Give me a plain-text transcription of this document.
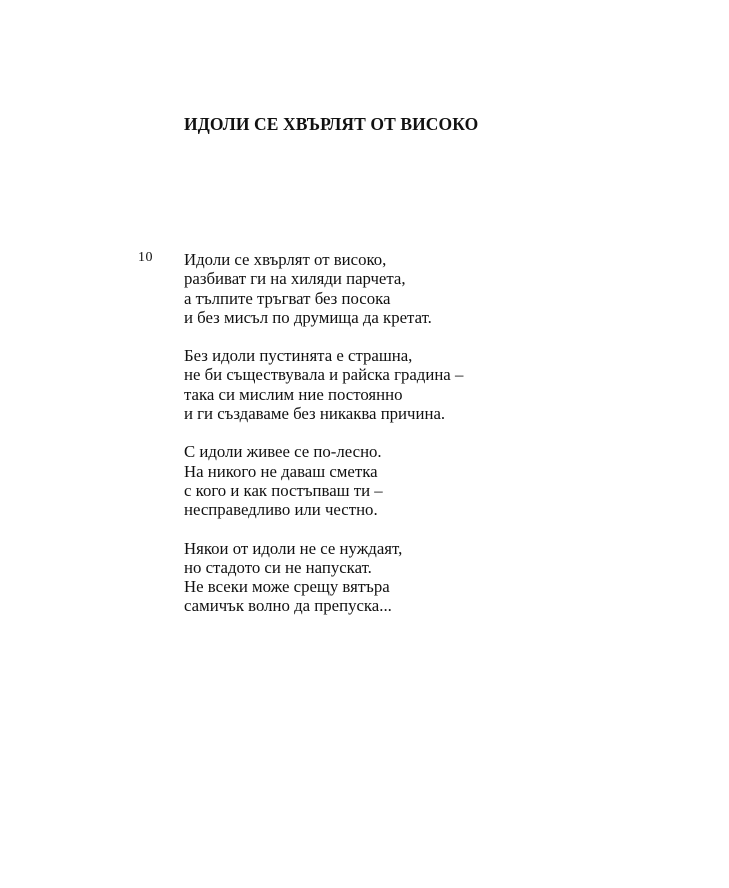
ИДОЛИ СЕ ХВЪРЛЯТ ОТ ВИСОКО
10 Идоли се хвърлят от високо,
разбиват ги на хиляди парчета,
а тълпите тръгват без посока
и без мисъл по друмища да кретат.
Без идоли пустинята е страшна,
не би съществувала и райска градина –
така си мислим ние постоянно
и ги създаваме без никаква причина.
С идоли живее се по-лесно.
На никого не даваш сметка
с кого и как постъпваш ти –
несправедливо или честно.
Някои от идоли не се нуждаят,
но стадото си не напускат.
Не всеки може срещу вятъра
самичък волно да препуска...
